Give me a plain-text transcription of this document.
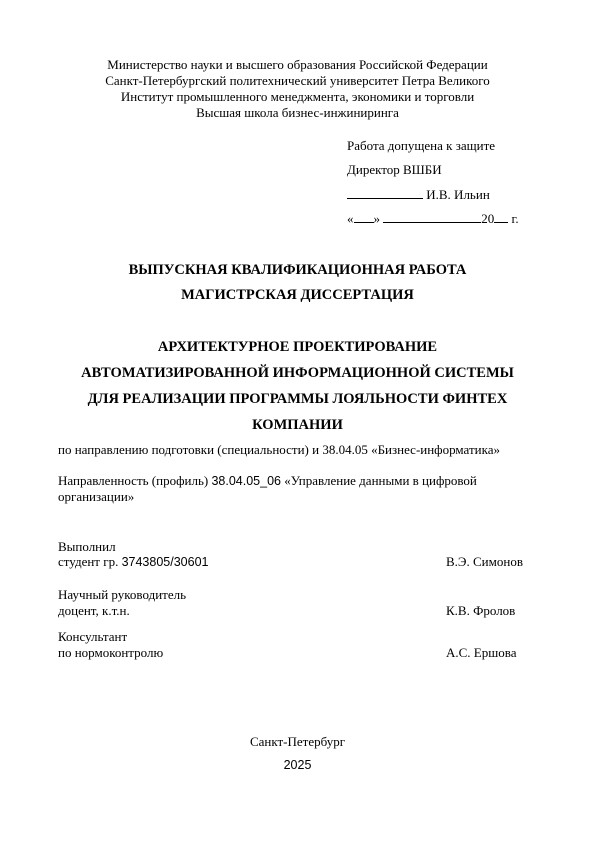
Министерство науки и высшего образования Российской Федерации
Санкт-Петербургский политехнический университет Петра Великого
Институт промышленного менеджмента, экономики и торговли
Высшая школа бизнес-инжиниринга
Работа допущена к защите
Директор ВШБИ
И.В. Ильин
« »	20 г.
ВЫПУСКНАЯ КВАЛИФИКАЦИОННАЯ РАБОТА
МАГИСТРСКАЯ ДИССЕРТАЦИЯ
АРХИТЕКТУРНОЕ ПРОЕКТИРОВАНИЕ
АВТОМАТИЗИРОВАННОЙ ИНФОРМАЦИОННОЙ СИСТЕМЫ
ДЛЯ РЕАЛИЗАЦИИ ПРОГРАММЫ ЛОЯЛЬНОСТИ ФИНТЕХ
КОМПАНИИ
по направлению подготовки (специальности) и 38.04.05 «Бизнес-информатика»
Направленность (профиль) 38.04.05_06 «Управление данными в цифровой
организации»
Выполнил
студент гр. 3743805/30601	В.Э. Симонов
Научный руководитель
доцент, к.т.н.	К.В. Фролов
Консультант
по нормоконтролю	А.С. Ершова
Санкт-Петербург
2025
